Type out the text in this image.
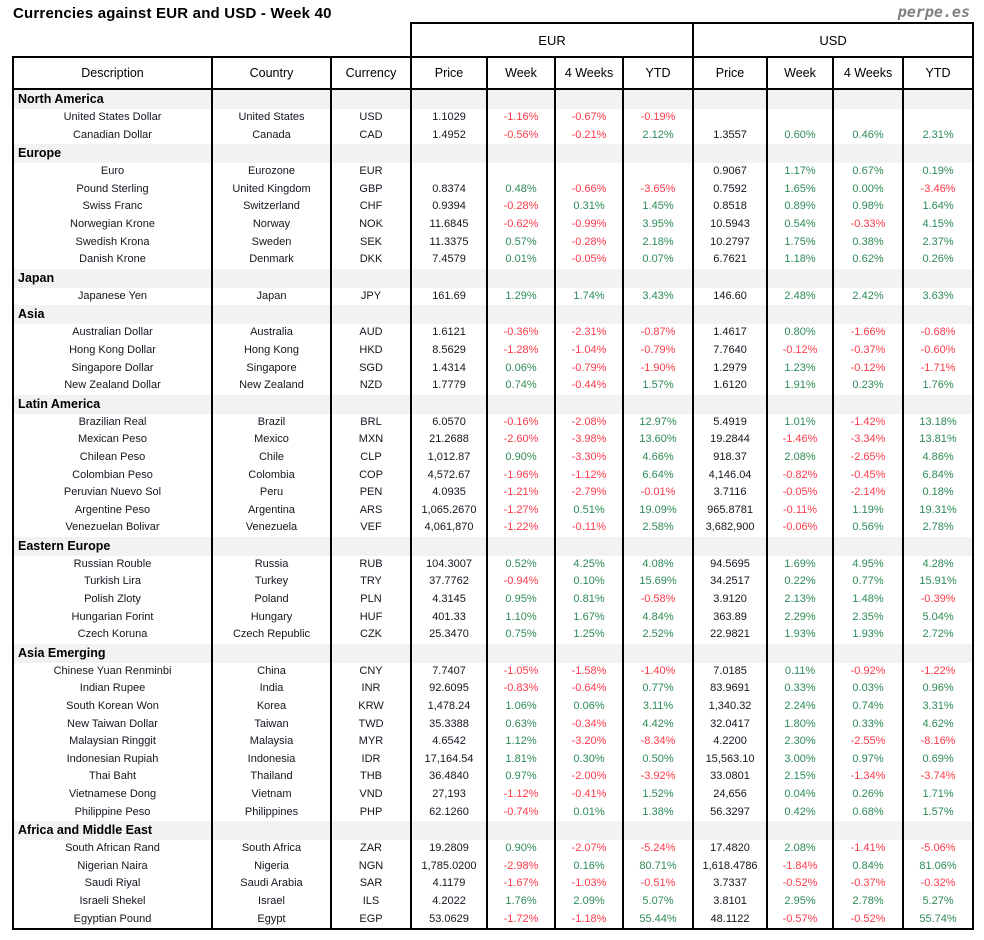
Currencies against EUR and USD - Week 40	perpe.es
			EUR				USD			
Description	Country	Currency	Price	Week	4 Weeks	YTD	Price	Week	4 Weeks	YTD
North America										
United States Dollar	United States	USD	1.1029	-1.16%	-0.67%	-0.19%				
Canadian Dollar	Canada	CAD	1.4952	-0.56%	-0.21%	2.12%	1.3557	0.60%	0.46%	2.31%
Europe										
Euro	Eurozone	EUR					0.9067	1.17%	0.67%	0.19%
Pound Sterling	United Kingdom	GBP	0.8374	0.48%	-0.66%	-3.65%	0.7592	1.65%	0.00%	-3.46%
Swiss Franc	Switzerland	CHF	0.9394	-0.28%	0.31%	1.45%	0.8518	0.89%	0.98%	1.64%
Norwegian Krone	Norway	NOK	11.6845	-0.62%	-0.99%	3.95%	10.5943	0.54%	-0.33%	4.15%
Swedish Krona	Sweden	SEK	11.3375	0.57%	-0.28%	2.18%	10.2797	1.75%	0.38%	2.37%
Danish Krone	Denmark	DKK	7.4579	0.01%	-0.05%	0.07%	6.7621	1.18%	0.62%	0.26%
Japan										
Japanese Yen	Japan	JPY	161.69	1.29%	1.74%	3.43%	146.60	2.48%	2.42%	3.63%
Asia										
Australian Dollar	Australia	AUD	1.6121	-0.36%	-2.31%	-0.87%	1.4617	0.80%	-1.66%	-0.68%
Hong Kong Dollar	Hong Kong	HKD	8.5629	-1.28%	-1.04%	-0.79%	7.7640	-0.12%	-0.37%	-0.60%
Singapore Dollar	Singapore	SGD	1.4314	0.06%	-0.79%	-1.90%	1.2979	1.23%	-0.12%	-1.71%
New Zealand Dollar	New Zealand	NZD	1.7779	0.74%	-0.44%	1.57%	1.6120	1.91%	0.23%	1.76%
Latin America										
Brazilian Real	Brazil	BRL	6.0570	-0.16%	-2.08%	12.97%	5.4919	1.01%	-1.42%	13.18%
Mexican Peso	Mexico	MXN	21.2688	-2.60%	-3.98%	13.60%	19.2844	-1.46%	-3.34%	13.81%
Chilean Peso	Chile	CLP	1,012.87	0.90%	-3.30%	4.66%	918.37	2.08%	-2.65%	4.86%
Colombian Peso	Colombia	COP	4,572.67	-1.96%	-1.12%	6.64%	4,146.04	-0.82%	-0.45%	6.84%
Peruvian Nuevo Sol	Peru	PEN	4.0935	-1.21%	-2.79%	-0.01%	3.7116	-0.05%	-2.14%	0.18%
Argentine Peso	Argentina	ARS	1,065.2670	-1.27%	0.51%	19.09%	965.8781	-0.11%	1.19%	19.31%
Venezuelan Bolivar	Venezuela	VEF	4,061,870	-1.22%	-0.11%	2.58%	3,682,900	-0.06%	0.56%	2.78%
Eastern Europe										
Russian Rouble	Russia	RUB	104.3007	0.52%	4.25%	4.08%	94.5695	1.69%	4.95%	4.28%
Turkish Lira	Turkey	TRY	37.7762	-0.94%	0.10%	15.69%	34.2517	0.22%	0.77%	15.91%
Polish Zloty	Poland	PLN	4.3145	0.95%	0.81%	-0.58%	3.9120	2.13%	1.48%	-0.39%
Hungarian Forint	Hungary	HUF	401.33	1.10%	1.67%	4.84%	363.89	2.29%	2.35%	5.04%
Czech Koruna	Czech Republic	CZK	25.3470	0.75%	1.25%	2.52%	22.9821	1.93%	1.93%	2.72%
Asia Emerging										
Chinese Yuan Renminbi	China	CNY	7.7407	-1.05%	-1.58%	-1.40%	7.0185	0.11%	-0.92%	-1.22%
Indian Rupee	India	INR	92.6095	-0.83%	-0.64%	0.77%	83.9691	0.33%	0.03%	0.96%
South Korean Won	Korea	KRW	1,478.24	1.06%	0.06%	3.11%	1,340.32	2.24%	0.74%	3.31%
New Taiwan Dollar	Taiwan	TWD	35.3388	0.63%	-0.34%	4.42%	32.0417	1.80%	0.33%	4.62%
Malaysian Ringgit	Malaysia	MYR	4.6542	1.12%	-3.20%	-8.34%	4.2200	2.30%	-2.55%	-8.16%
Indonesian Rupiah	Indonesia	IDR	17,164.54	1.81%	0.30%	0.50%	15,563.10	3.00%	0.97%	0.69%
Thai Baht	Thailand	THB	36.4840	0.97%	-2.00%	-3.92%	33.0801	2.15%	-1.34%	-3.74%
Vietnamese Dong	Vietnam	VND	27,193	-1.12%	-0.41%	1.52%	24,656	0.04%	0.26%	1.71%
Philippine Peso	Philippines	PHP	62.1260	-0.74%	0.01%	1.38%	56.3297	0.42%	0.68%	1.57%
Africa and Middle East										
South African Rand	South Africa	ZAR	19.2809	0.90%	-2.07%	-5.24%	17.4820	2.08%	-1.41%	-5.06%
Nigerian Naira	Nigeria	NGN	1,785.0200	-2.98%	0.16%	80.71%	1,618.4786	-1.84%	0.84%	81.06%
Saudi Riyal	Saudi Arabia	SAR	4.1179	-1.67%	-1.03%	-0.51%	3.7337	-0.52%	-0.37%	-0.32%
Israeli Shekel	Israel	ILS	4.2022	1.76%	2.09%	5.07%	3.8101	2.95%	2.78%	5.27%
Egyptian Pound	Egypt	EGP	53.0629	-1.72%	-1.18%	55.44%	48.1122	-0.57%	-0.52%	55.74%
